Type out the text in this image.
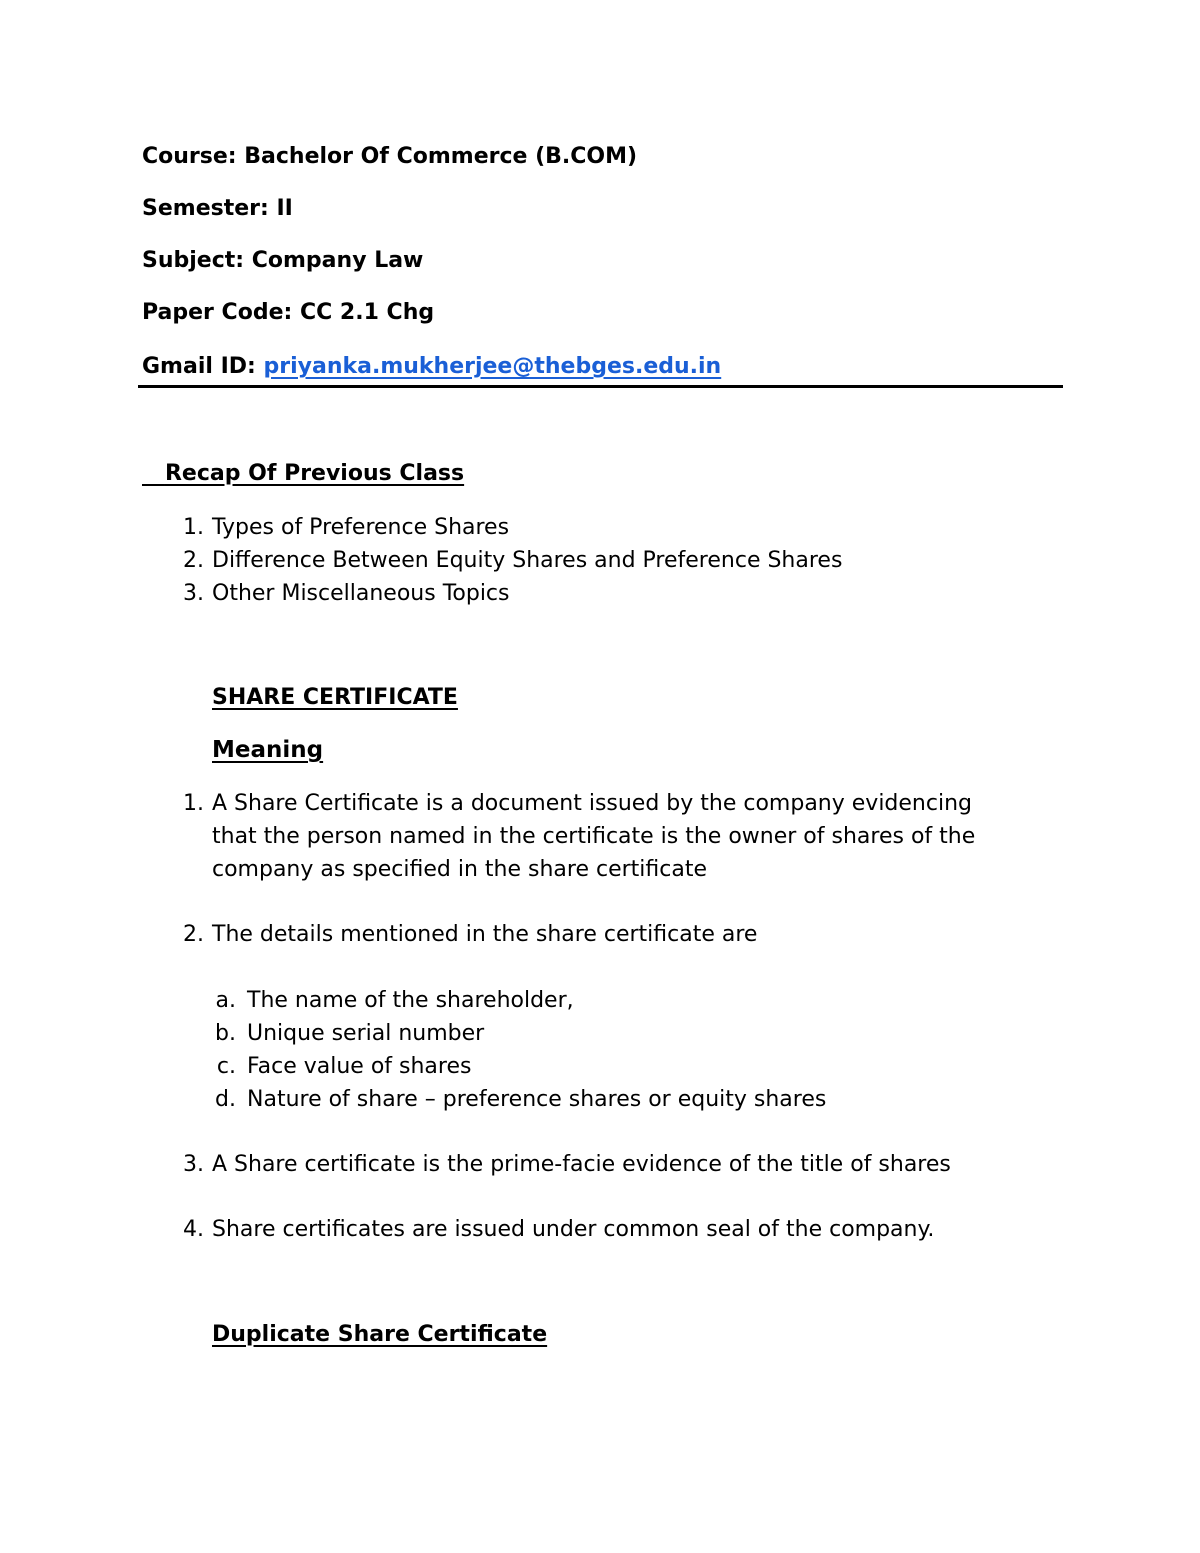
Course: Bachelor Of Commerce (B.COM)
Semester: II
Subject: Company Law
Paper Code: CC 2.1 Chg
Gmail ID: priyanka.mukherjee@thebges.edu.in
Recap Of Previous Class
1. Types of Preference Shares
2. Difference Between Equity Shares and Preference Shares
3. Other Miscellaneous Topics
SHARE CERTIFICATE
Meaning
1. A Share Certificate is a document issued by the company evidencing
that the person named in the certificate is the owner of shares of the
company as specified in the share certificate
2. The details mentioned in the share certificate are
a. The name of the shareholder,
b. Unique serial number
c. Face value of shares
d. Nature of share – preference shares or equity shares
3. A Share certificate is the prime-facie evidence of the title of shares
4. Share certificates are issued under common seal of the company.
Duplicate Share Certificate
